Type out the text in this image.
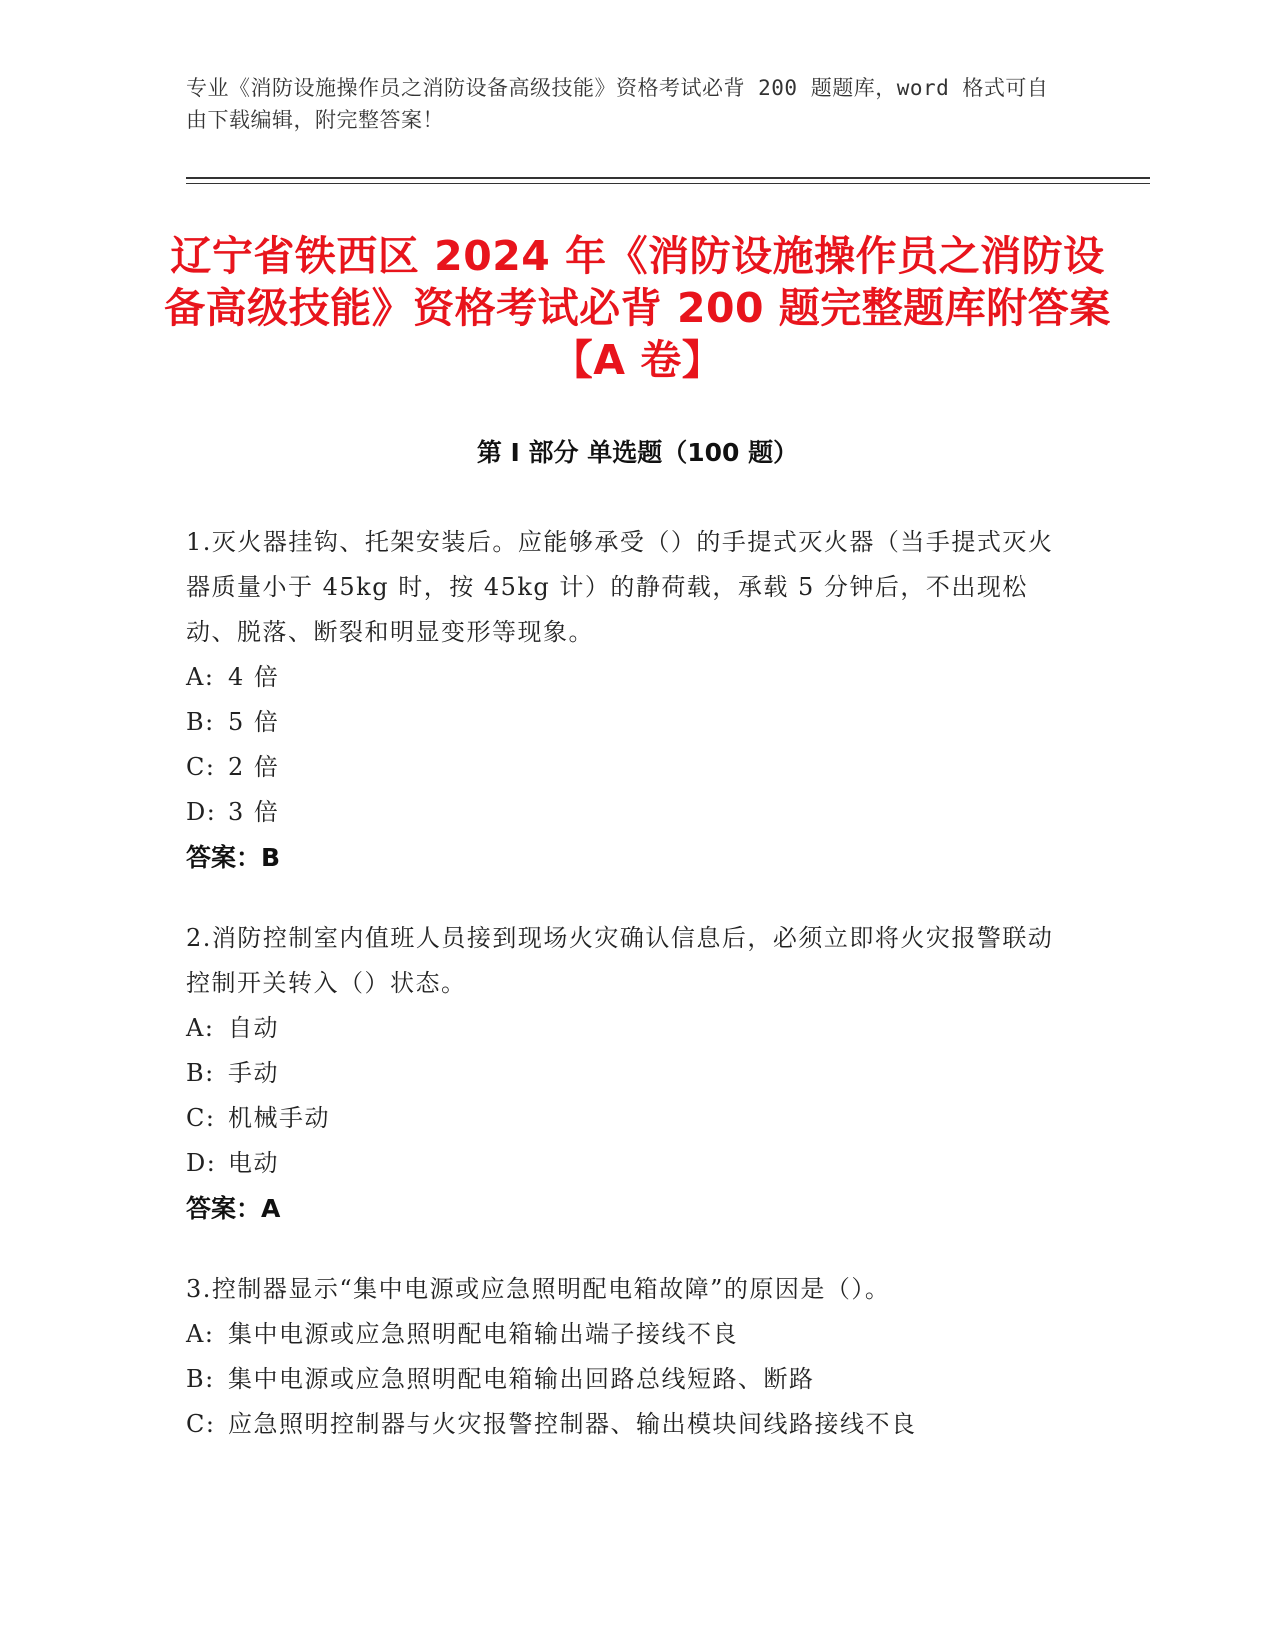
专业《消防设施操作员之消防设备高级技能》资格考试必背 200 题题库，word 格式可自由下载编辑，附完整答案！
辽宁省铁西区 2024 年《消防设施操作员之消防设备高级技能》资格考试必背 200 题完整题库附答案【A 卷】
第 I 部分 单选题（100 题）
1.灭火器挂钩、托架安装后。应能够承受（）的手提式灭火器（当手提式灭火器质量小于 45kg 时，按 45kg 计）的静荷载，承载 5 分钟后，不出现松动、脱落、断裂和明显变形等现象。
A: 4 倍
B: 5 倍
C: 2 倍
D: 3 倍
答案：B
2.消防控制室内值班人员接到现场火灾确认信息后，必须立即将火灾报警联动控制开关转入（）状态。
A: 自动
B: 手动
C: 机械手动
D: 电动
答案：A
3.控制器显示“集中电源或应急照明配电箱故障”的原因是（）。
A: 集中电源或应急照明配电箱输出端子接线不良
B: 集中电源或应急照明配电箱输出回路总线短路、断路
C: 应急照明控制器与火灾报警控制器、输出模块间线路接线不良
